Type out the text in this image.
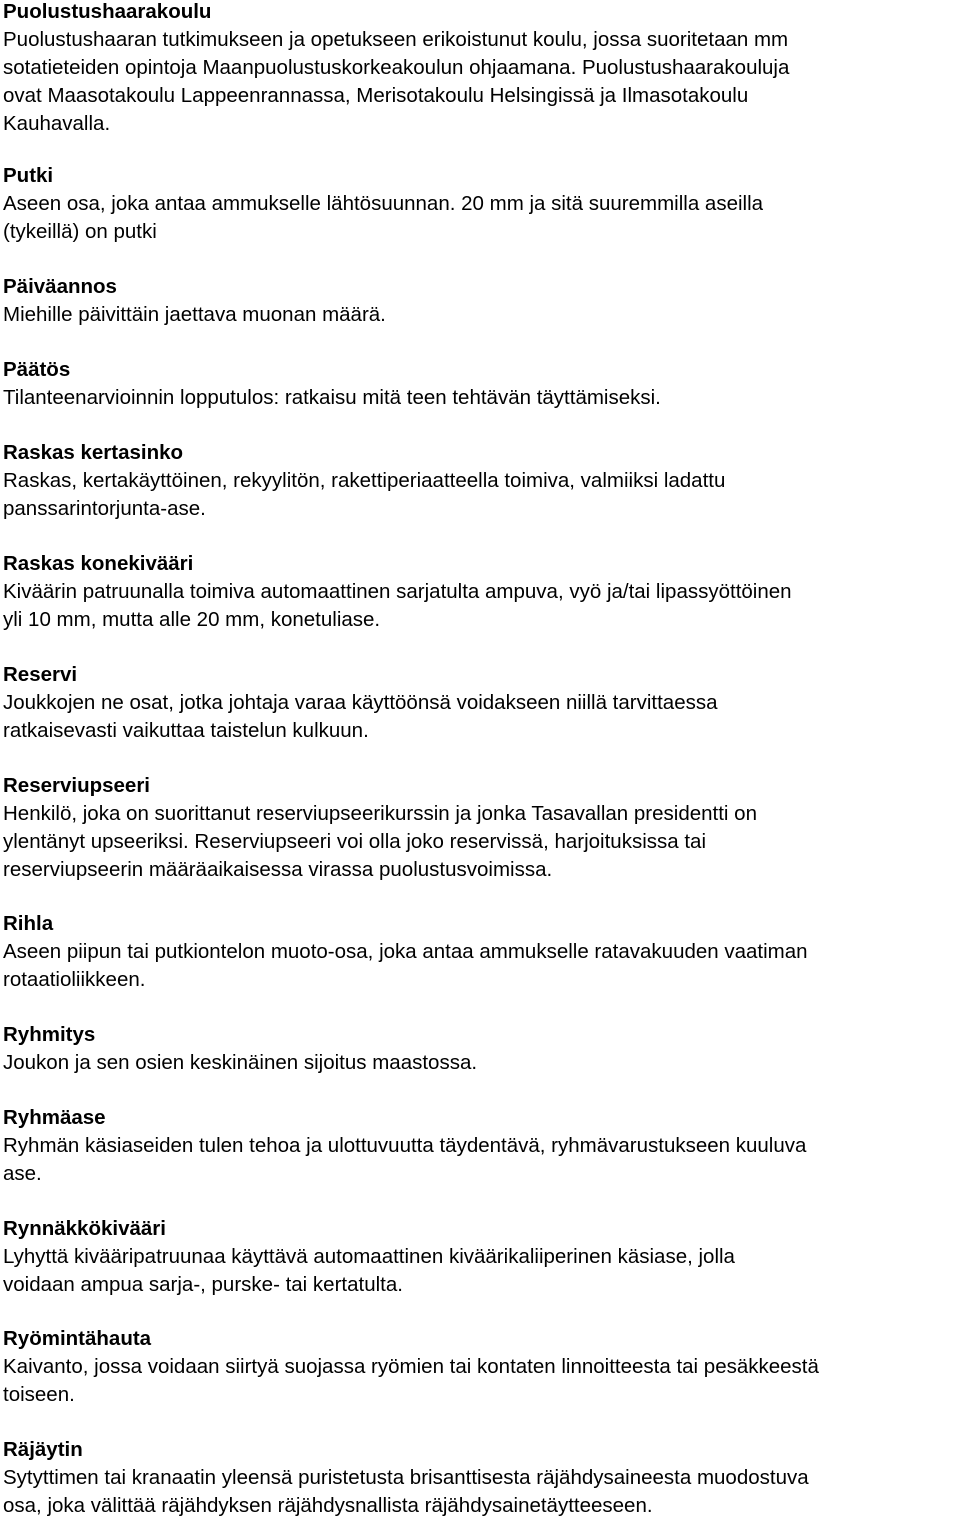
Puolustushaarakoulu
Puolustushaaran tutkimukseen ja opetukseen erikoistunut koulu, jossa suoritetaan mm
sotatieteiden opintoja Maanpuolustuskorkeakoulun ohjaamana. Puolustushaarakouluja
ovat Maasotakoulu Lappeenrannassa, Merisotakoulu Helsingissä ja Ilmasotakoulu
Kauhavalla.
Putki
Aseen osa, joka antaa ammukselle lähtösuunnan. 20 mm ja sitä suuremmilla aseilla
(tykeillä) on putki
Päiväannos
Miehille päivittäin jaettava muonan määrä.
Päätös
Tilanteenarvioinnin lopputulos: ratkaisu mitä teen tehtävän täyttämiseksi.
Raskas kertasinko
Raskas, kertakäyttöinen, rekyylitön, rakettiperiaatteella toimiva, valmiiksi ladattu
panssarintorjunta-ase.
Raskas konekivääri
Kiväärin patruunalla toimiva automaattinen sarjatulta ampuva, vyö ja/tai lipassyöttöinen
yli 10 mm, mutta alle 20 mm, konetuliase.
Reservi
Joukkojen ne osat, jotka johtaja varaa käyttöönsä voidakseen niillä tarvittaessa
ratkaisevasti vaikuttaa taistelun kulkuun.
Reserviupseeri
Henkilö, joka on suorittanut reserviupseerikurssin ja jonka Tasavallan presidentti on
ylentänyt upseeriksi. Reserviupseeri voi olla joko reservissä, harjoituksissa tai
reserviupseerin määräaikaisessa virassa puolustusvoimissa.
Rihla
Aseen piipun tai putkiontelon muoto-osa, joka antaa ammukselle ratavakuuden vaatiman
rotaatioliikkeen.
Ryhmitys
Joukon ja sen osien keskinäinen sijoitus maastossa.
Ryhmäase
Ryhmän käsiaseiden tulen tehoa ja ulottuvuutta täydentävä, ryhmävarustukseen kuuluva
ase.
Rynnäkkökivääri
Lyhyttä kivääripatruunaa käyttävä automaattinen kiväärikaliiperinen käsiase, jolla
voidaan ampua sarja-, purske- tai kertatulta.
Ryömintähauta
Kaivanto, jossa voidaan siirtyä suojassa ryömien tai kontaten linnoitteesta tai pesäkkeestä
toiseen.
Räjäytin
Sytyttimen tai kranaatin yleensä puristetusta brisanttisesta räjähdysaineesta muodostuva
osa, joka välittää räjähdyksen räjähdysnallista räjähdysainetäytteeseen.
